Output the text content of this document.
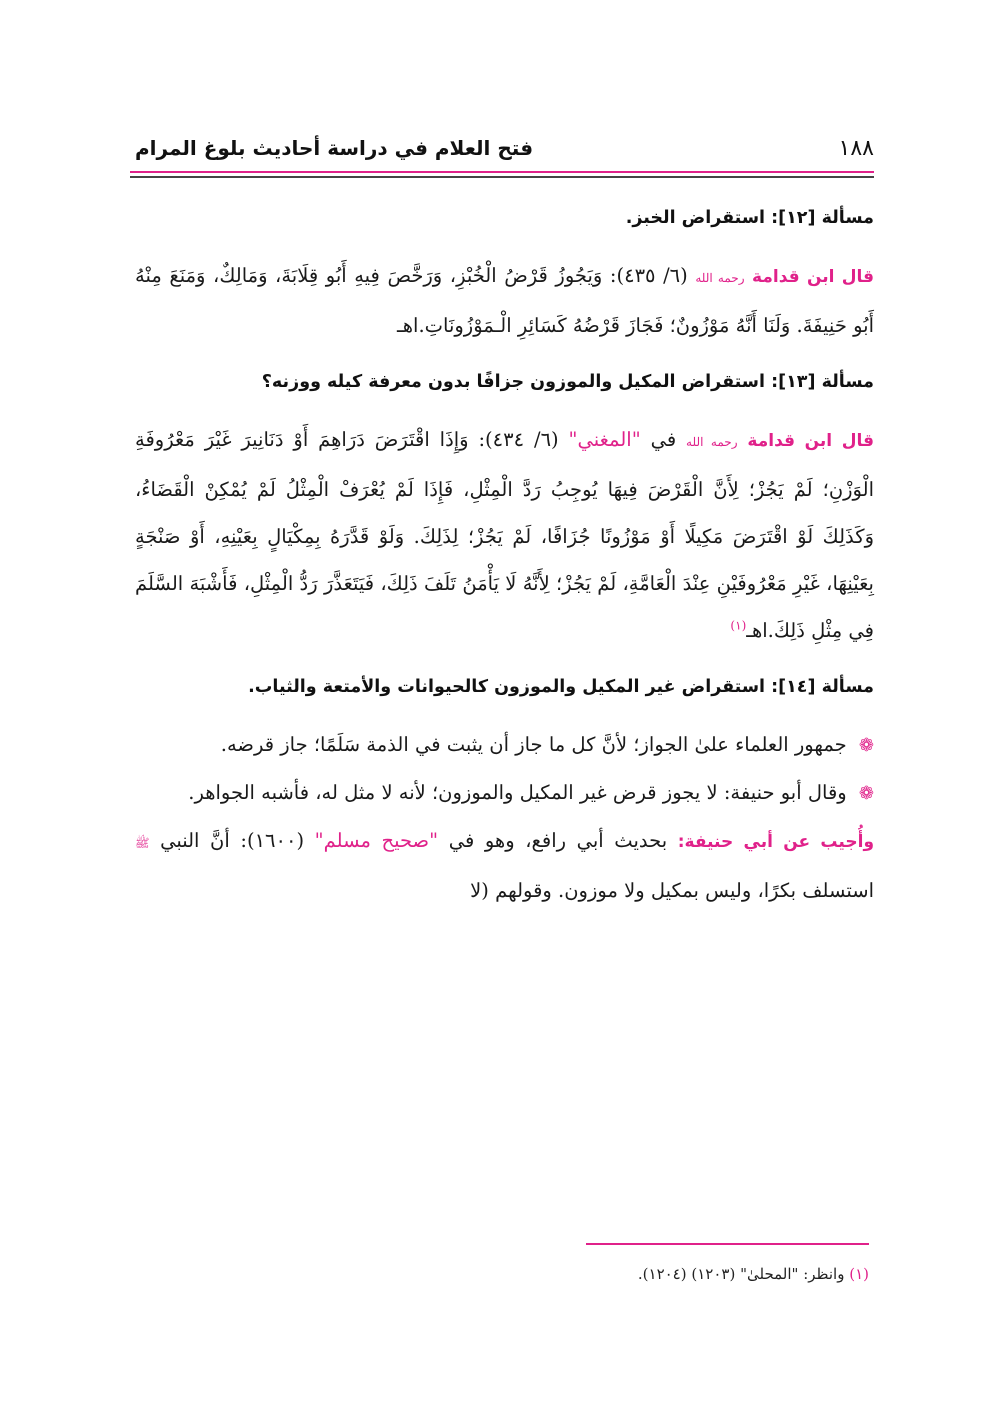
١٨٨
فتح العلام في دراسة أحاديث بلوغ المرام

مسألة [١٢]: استقراض الخبز.

قال ابن قدامة رحمه الله (٦/ ٤٣٥): وَيَجُوزُ قَرْضُ الْخُبْزِ، وَرَخَّصَ فِيهِ أَبُو قِلَابَةَ، وَمَالِكٌ، وَمَنَعَ مِنْهُ أَبُو حَنِيفَةَ. وَلَنَا أَنَّهُ مَوْزُونٌ؛ فَجَازَ قَرْضُهُ كَسَائِرِ الْـمَوْزُونَاتِ.اهـ

مسألة [١٣]: استقراض المكيل والموزون جزافًا بدون معرفة كيله ووزنه؟

قال ابن قدامة رحمه الله في "المغني" (٦/ ٤٣٤): وَإِذَا اقْتَرَضَ دَرَاهِمَ أَوْ دَنَانِيرَ غَيْرَ مَعْرُوفَةِ الْوَزْنِ؛ لَمْ يَجُزْ؛ لِأَنَّ الْقَرْضَ فِيهَا يُوجِبُ رَدَّ الْمِثْلِ، فَإِذَا لَمْ يُعْرَفْ الْمِثْلُ لَمْ يُمْكِنْ الْقَضَاءُ، وَكَذَلِكَ لَوْ اقْتَرَضَ مَكِيلًا أَوْ مَوْزُونًا جُزَافًا، لَمْ يَجُزْ؛ لِذَلِكَ. وَلَوْ قَدَّرَهُ بِمِكْيَالٍ بِعَيْنِهِ، أَوْ صَنْجَةٍ بِعَيْنِهَا، غَيْرِ مَعْرُوفَيْنِ عِنْدَ الْعَامَّةِ، لَمْ يَجُزْ؛ لِأَنَّهُ لَا يَأْمَنُ تَلَفَ ذَلِكَ، فَيَتَعَذَّرَ رَدُّ الْمِثْلِ، فَأَشْبَهَ السَّلَمَ فِي مِثْلِ ذَلِكَ.اهـ$^{(١)}$

مسألة [١٤]: استقراض غير المكيل والموزون كالحيوانات والأمتعة والثياب.

❁ جمهور العلماء علىٰ الجواز؛ لأنَّ كل ما جاز أن يثبت في الذمة سَلَمًا؛ جاز قرضه.

❁ وقال أبو حنيفة: لا يجوز قرض غير المكيل والموزون؛ لأنه لا مثل له، فأشبه الجواهر.

وأُجيب عن أبي حنيفة: بحديث أبي رافع، وهو في "صحيح مسلم" (١٦٠٠): أنَّ النبي ﷺ استسلف بكرًا، وليس بمكيل ولا موزون. وقولهم (لا

(١) وانظر: "المحلیٰ" (١٢٠٣) (١٢٠٤).
